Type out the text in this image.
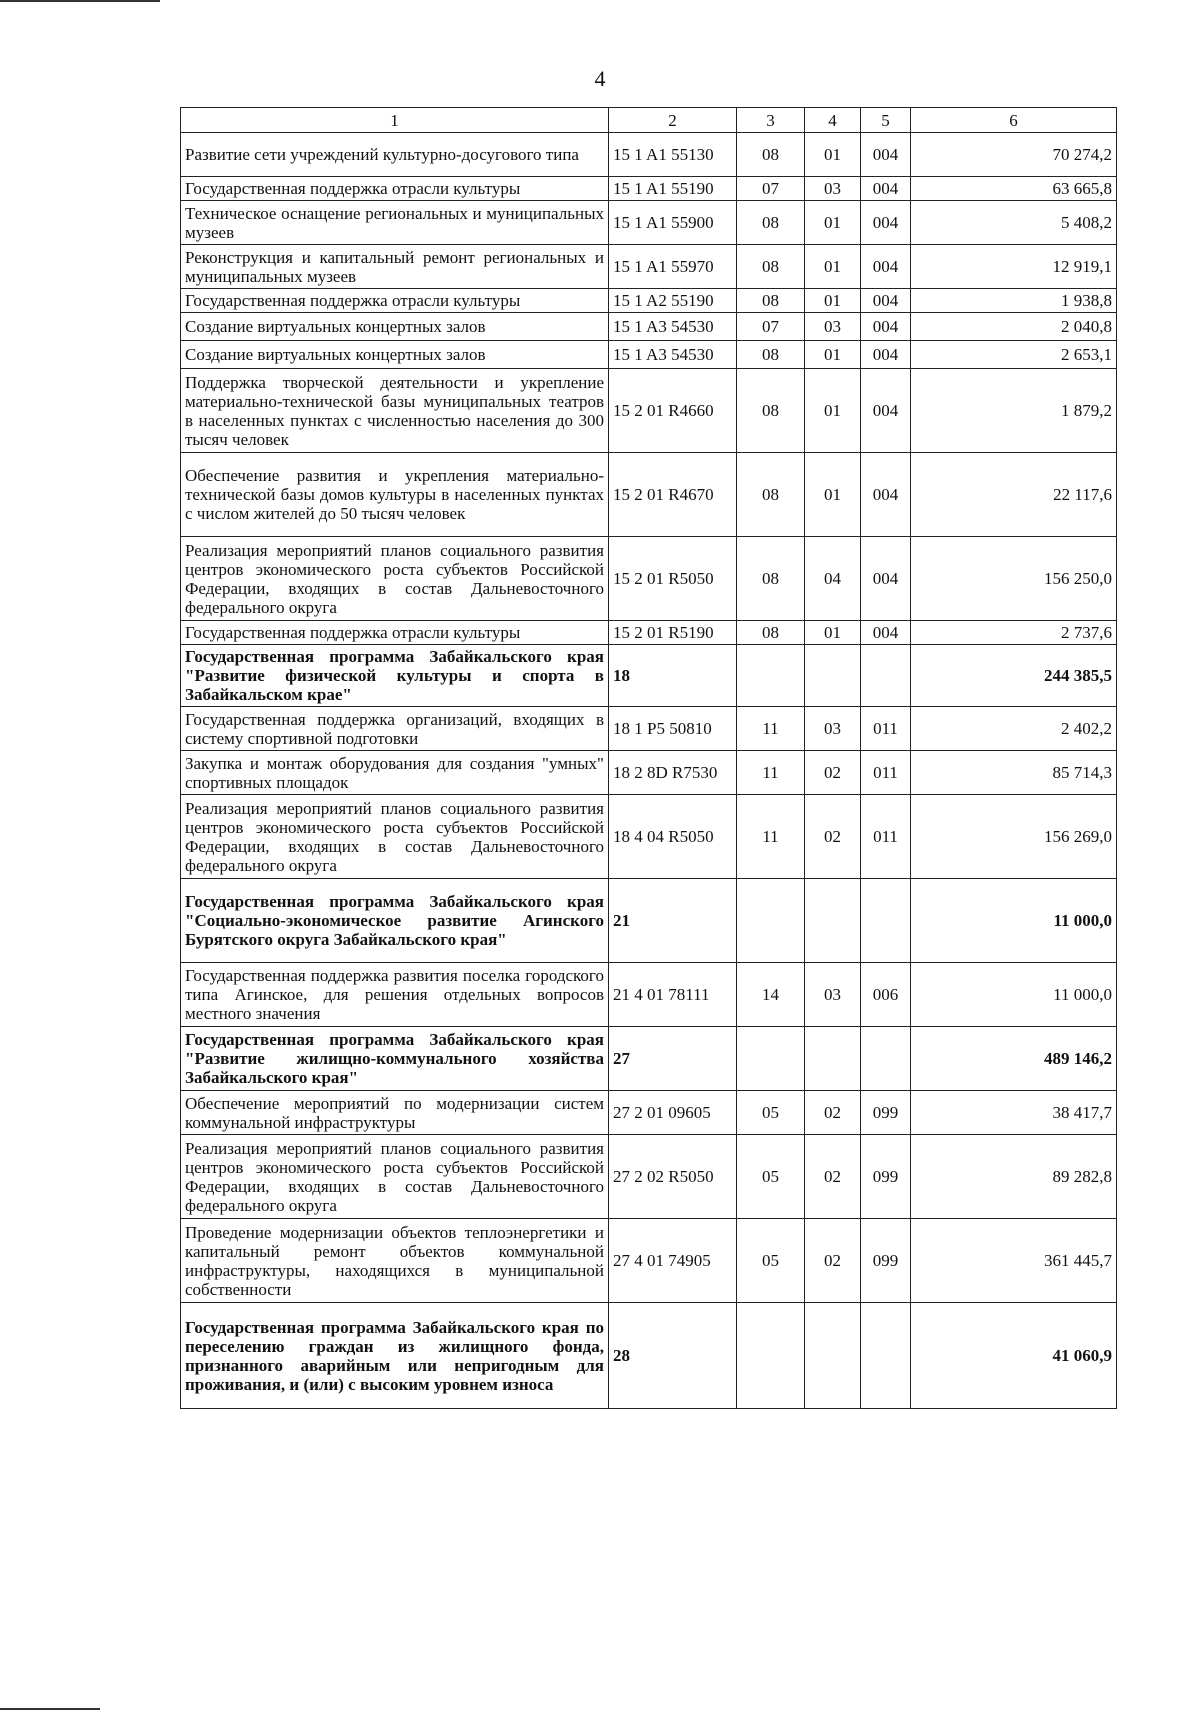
4
1	2	3	4	5	6
Развитие сети учреждений культурно-досугового типа	15 1 A1 55130	08	01	004	70 274,2
Государственная поддержка отрасли культуры	15 1 A1 55190	07	03	004	63 665,8
Техническое оснащение региональных и муниципальных музеев	15 1 A1 55900	08	01	004	5 408,2
Реконструкция и капитальный ремонт региональных и муниципальных музеев	15 1 A1 55970	08	01	004	12 919,1
Государственная поддержка отрасли культуры	15 1 A2 55190	08	01	004	1 938,8
Создание виртуальных концертных залов	15 1 A3 54530	07	03	004	2 040,8
Создание виртуальных концертных залов	15 1 A3 54530	08	01	004	2 653,1
Поддержка творческой деятельности и укрепление материально-технической базы муниципальных театров в населенных пунктах с численностью населения до 300 тысяч человек	15 2 01 R4660	08	01	004	1 879,2
Обеспечение развития и укрепления материально-технической базы домов культуры в населенных пунктах с числом жителей до 50 тысяч человек	15 2 01 R4670	08	01	004	22 117,6
Реализация мероприятий планов социального развития центров экономического роста субъектов Российской Федерации, входящих в состав Дальневосточного федерального округа	15 2 01 R5050	08	04	004	156 250,0
Государственная поддержка отрасли культуры	15 2 01 R5190	08	01	004	2 737,6
Государственная программа Забайкальского края "Развитие физической культуры и спорта в Забайкальском крае"	18				244 385,5
Государственная поддержка организаций, входящих в систему спортивной подготовки	18 1 P5 50810	11	03	011	2 402,2
Закупка и монтаж оборудования для создания "умных" спортивных площадок	18 2 8D R7530	11	02	011	85 714,3
Реализация мероприятий планов социального развития центров экономического роста субъектов Российской Федерации, входящих в состав Дальневосточного федерального округа	18 4 04 R5050	11	02	011	156 269,0
Государственная программа Забайкальского края "Социально-экономическое развитие Агинского Бурятского округа Забайкальского края"	21				11 000,0
Государственная поддержка развития поселка городского типа Агинское, для решения отдельных вопросов местного значения	21 4 01 78111	14	03	006	11 000,0
Государственная программа Забайкальского края "Развитие жилищно-коммунального хозяйства Забайкальского края"	27				489 146,2
Обеспечение мероприятий по модернизации систем коммунальной инфраструктуры	27 2 01 09605	05	02	099	38 417,7
Реализация мероприятий планов социального развития центров экономического роста субъектов Российской Федерации, входящих в состав Дальневосточного федерального округа	27 2 02 R5050	05	02	099	89 282,8
Проведение модернизации объектов теплоэнергетики и капитальный ремонт объектов коммунальной инфраструктуры, находящихся в муниципальной собственности	27 4 01 74905	05	02	099	361 445,7
Государственная программа Забайкальского края по переселению граждан из жилищного фонда, признанного аварийным или непригодным для проживания, и (или) с высоким уровнем износа	28				41 060,9
